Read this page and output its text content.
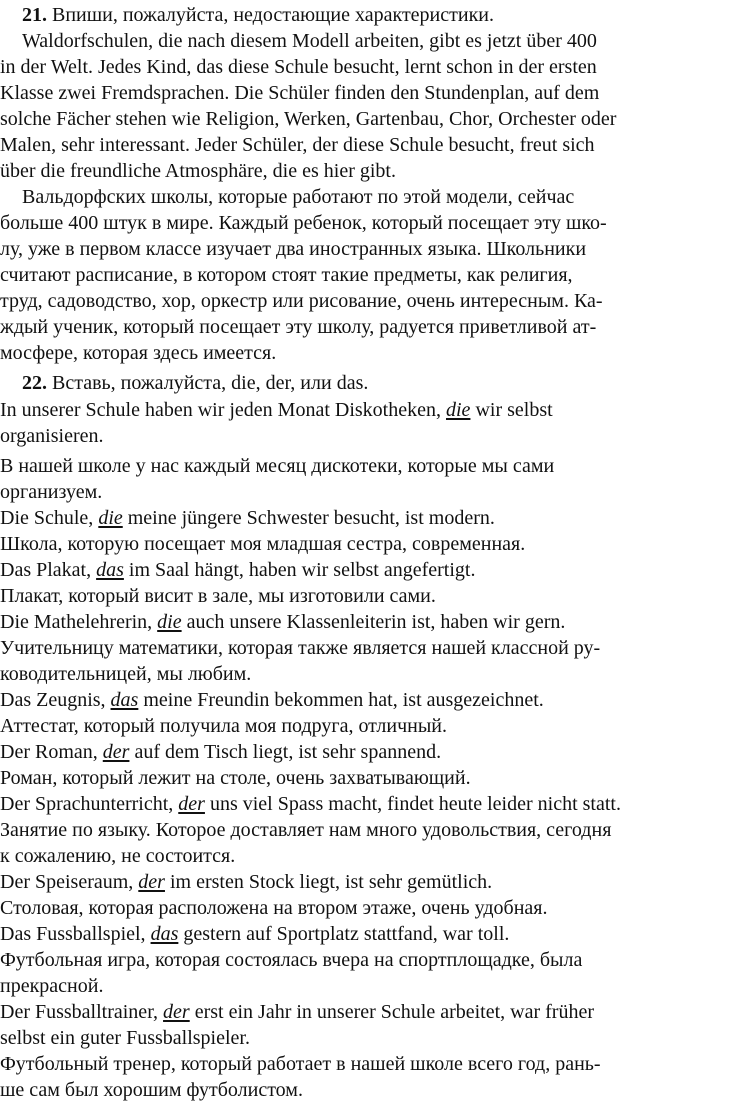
21. Впиши, пожалуйста, недостающие характеристики.
Waldorfschulen, die nach diesem Modell arbeiten, gibt es jetzt über 400
in der Welt. Jedes Kind, das diese Schule besucht, lernt schon in der ersten
Klasse zwei Fremdsprachen. Die Schüler finden den Stundenplan, auf dem
solche Fächer stehen wie Religion, Werken, Gartenbau, Chor, Orchester oder
Malen, sehr interessant. Jeder Schüler, der diese Schule besucht, freut sich
über die freundliche Atmosphäre, die es hier gibt.
Вальдорфских школы, которые работают по этой модели, сейчас
больше 400 штук в мире. Каждый ребенок, который посещает эту шко-
лу, уже в первом классе изучает два иностранных языка. Школьники
считают расписание, в котором стоят такие предметы, как религия,
труд, садоводство, хор, оркестр или рисование, очень интересным. Ка-
ждый ученик, который посещает эту школу, радуется приветливой ат-
мосфере, которая здесь имеется.
22. Вставь, пожалуйста, die, der, или das.
In unserer Schule haben wir jeden Monat Diskotheken, die wir selbst
organisieren.
В нашей школе у нас каждый месяц дискотеки, которые мы сами
организуем.
Die Schule, die meine jüngere Schwester besucht, ist modern.
Школа, которую посещает моя младшая сестра, современная.
Das Plakat, das im Saal hängt, haben wir selbst angefertigt.
Плакат, который висит в зале, мы изготовили сами.
Die Mathelehrerin, die auch unsere Klassenleiterin ist, haben wir gern.
Учительницу математики, которая также является нашей классной ру-
ководительницей, мы любим.
Das Zeugnis, das meine Freundin bekommen hat, ist ausgezeichnet.
Аттестат, который получила моя подруга, отличный.
Der Roman, der auf dem Tisch liegt, ist sehr spannend.
Роман, который лежит на столе, очень захватывающий.
Der Sprachunterricht, der uns viel Spass macht, findet heute leider nicht statt.
Занятие по языку. Которое доставляет нам много удовольствия, сегодня
к сожалению, не состоится.
Der Speiseraum, der im ersten Stock liegt, ist sehr gemütlich.
Столовая, которая расположена на втором этаже, очень удобная.
Das Fussballspiel, das gestern auf Sportplatz stattfand, war toll.
Футбольная игра, которая состоялась вчера на спортплощадке, была
прекрасной.
Der Fussballtrainer, der erst ein Jahr in unserer Schule arbeitet, war früher
selbst ein guter Fussballspieler.
Футбольный тренер, который работает в нашей школе всего год, рань-
ше сам был хорошим футболистом.
